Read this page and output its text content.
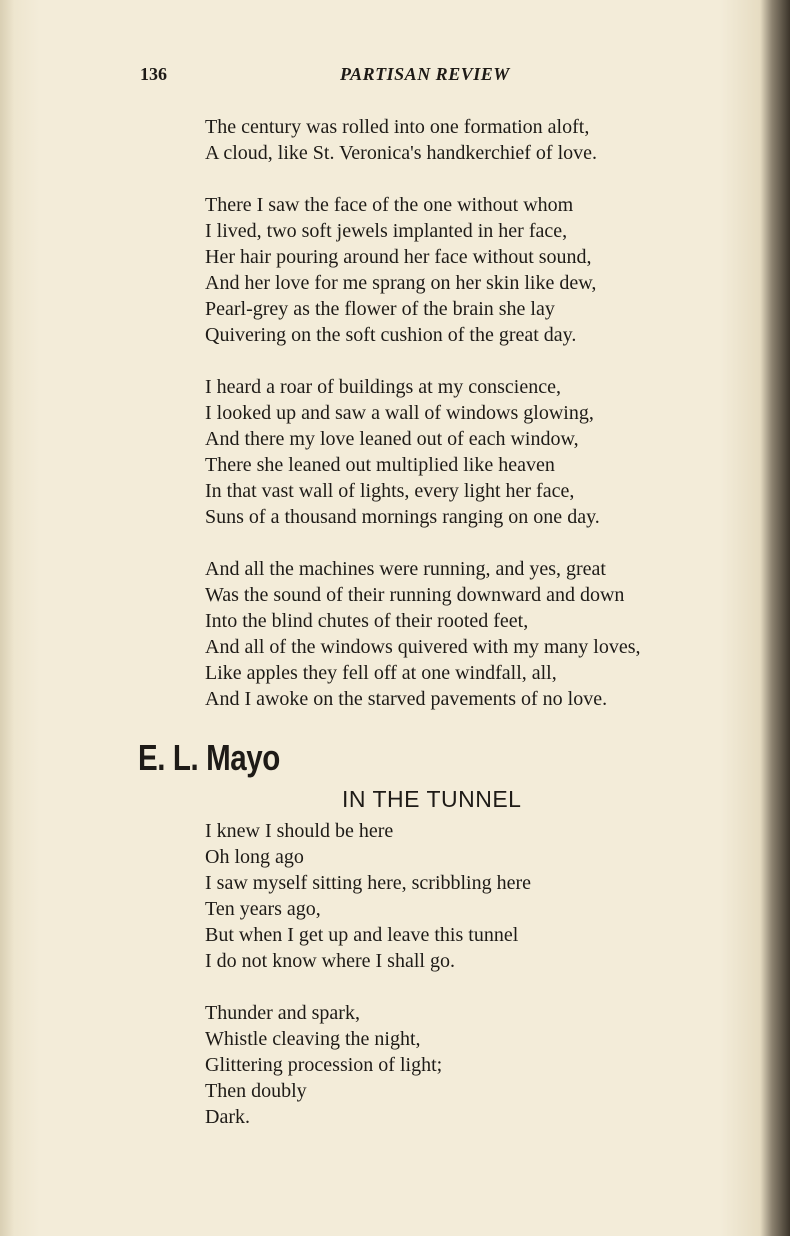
136	PARTISAN REVIEW
The century was rolled into one formation aloft,
A cloud, like St. Veronica's handkerchief of love.
There I saw the face of the one without whom
I lived, two soft jewels implanted in her face,
Her hair pouring around her face without sound,
And her love for me sprang on her skin like dew,
Pearl-grey as the flower of the brain she lay
Quivering on the soft cushion of the great day.
I heard a roar of buildings at my conscience,
I looked up and saw a wall of windows glowing,
And there my love leaned out of each window,
There she leaned out multiplied like heaven
In that vast wall of lights, every light her face,
Suns of a thousand mornings ranging on one day.
And all the machines were running, and yes, great
Was the sound of their running downward and down
Into the blind chutes of their rooted feet,
And all of the windows quivered with my many loves,
Like apples they fell off at one windfall, all,
And I awoke on the starved pavements of no love.
E. L. Mayo
IN THE TUNNEL
I knew I should be here
Oh long ago
I saw myself sitting here, scribbling here
Ten years ago,
But when I get up and leave this tunnel
I do not know where I shall go.
Thunder and spark,
Whistle cleaving the night,
Glittering procession of light;
Then doubly
Dark.
